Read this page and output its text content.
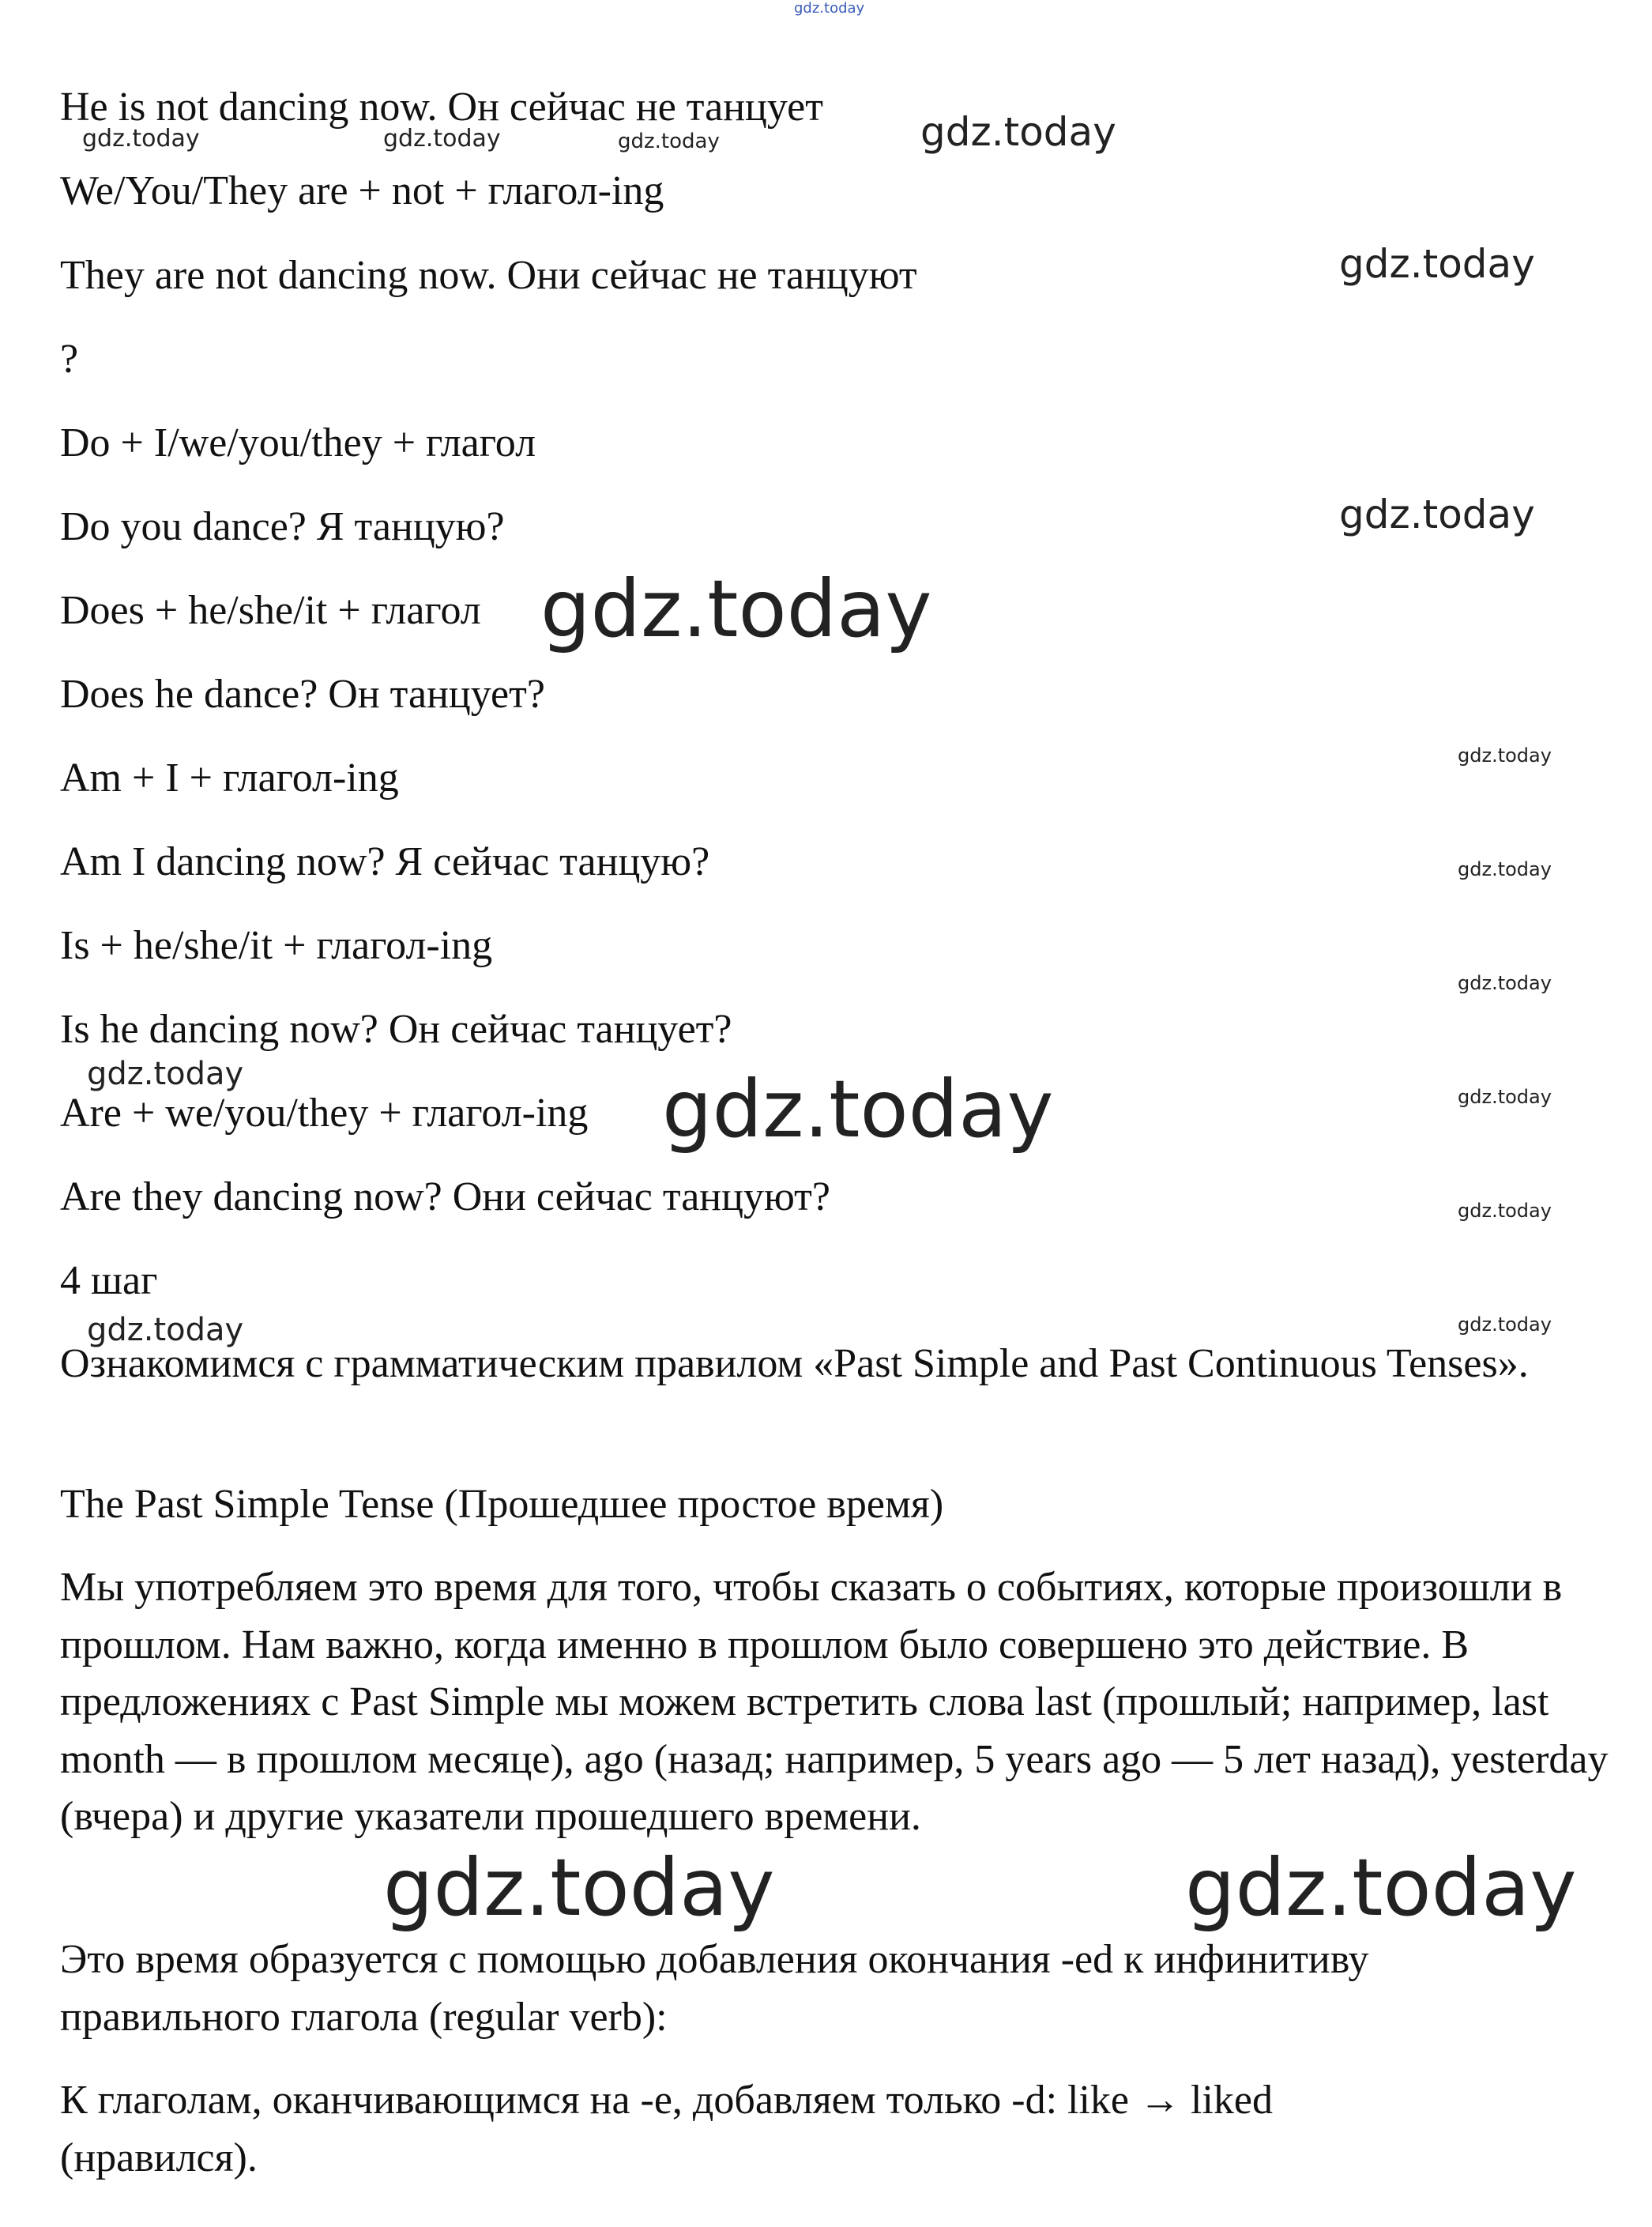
He is not dancing now. Он сейчас не танцует

We/You/They are + not + глагол-ing

They are not dancing now. Они сейчас не танцуют

?

Do + I/we/you/they + глагол

Do you dance? Я танцую?

Does + he/she/it + глагол

Does he dance? Он танцует?

Am + I + глагол-ing

Am I dancing now? Я сейчас танцую?

Is + he/she/it + глагол-ing

Is he dancing now? Он сейчас танцует?

Are + we/you/they + глагол-ing

Are they dancing now? Они сейчас танцуют?

4 шаг

Ознакомимся с грамматическим правилом «Past Simple and Past Continuous Tenses».

The Past Simple Tense (Прошедшее простое время)

Мы употребляем это время для того, чтобы сказать о событиях, которые произошли в прошлом. Нам важно, когда именно в прошлом было совершено это действие. В предложениях с Past Simple мы можем встретить слова last (прошлый; например, last month — в прошлом месяце), ago (назад; например, 5 years ago — 5 лет назад), yesterday (вчера) и другие указатели прошедшего времени.

Это время образуется с помощью добавления окончания -ed к инфинитиву правильного глагола (regular verb):

К глаголам, оканчивающимся на -e, добавляем только -d: like → liked (нравился).

gdz.today
gdz.today	gdz.today	gdz.today	gdz.today
gdz.today
gdz.today
gdz.today
gdz.today
gdz.today
gdz.today
gdz.today	gdz.today	gdz.today
gdz.today
gdz.today	gdz.today
gdz.today	gdz.today
